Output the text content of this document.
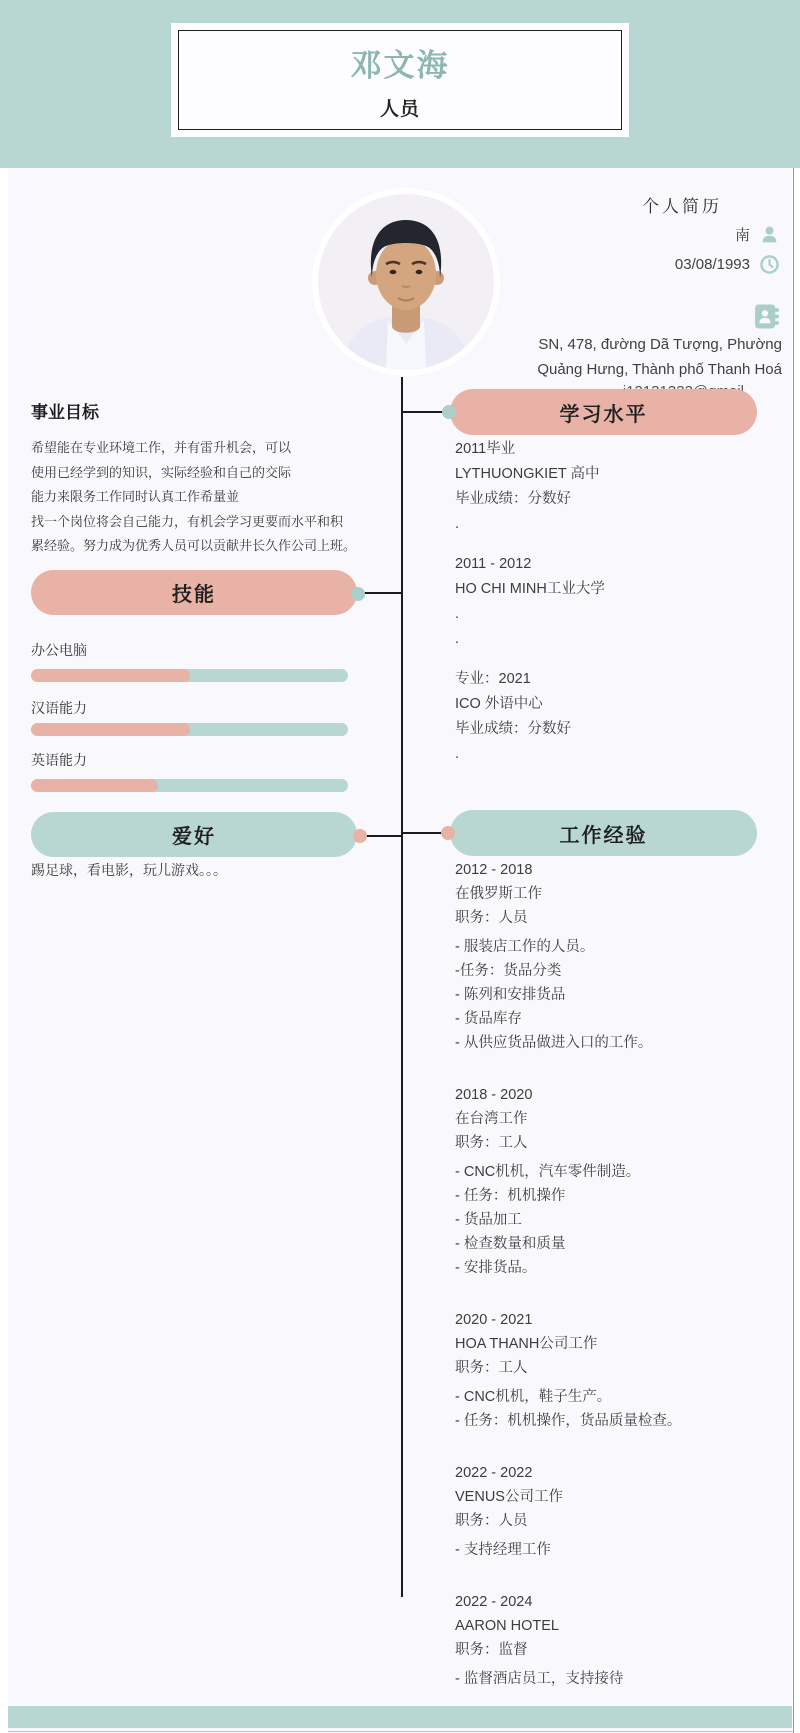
邓文海
人员
个人简历
南
03/08/1993
SN, 478, đường Dã Tượng, Phường
Quảng Hưng, Thành phố Thanh Hoá
事业目标
希望能在专业环境工作，并有雷升机会，可以
使用已经学到的知识，实际经验和自己的交际
能力来限务工作同时认真工作希量並
找一个岗位将会自己能力，有机会学习更要而水平和积
累经验。努力成为优秀人员可以贡献井长久作公司上班。
技能
办公电脑
汉语能力
英语能力
爱好
踢足球，看电影，玩儿游戏。。。
学习水平
2011毕业
LYTHUONGKIET 高中
毕业成绩：分数好
.
2011 - 2012
HO CHI MINH工业大学
.
.
专业：2021
ICO 外语中心
毕业成绩：分数好
.
工作经验
2012 - 2018
在俄罗斯工作
职务：人员
- 服装店工作的人员。
-任务：货品分类
- 陈列和安排货品
- 货品库存
- 从供应货品做进入口的工作。
2018 - 2020
在台湾工作
职务：工人
- CNC机机，汽车零件制造。
- 任务：机机操作
- 货品加工
- 检查数量和质量
- 安排货品。
2020 - 2021
HOA THANH公司工作
职务：工人
- CNC机机，鞋子生产。
- 任务：机机操作，货品质量检查。
2022 - 2022
VENUS公司工作
职务：人员
- 支持经理工作
2022 - 2024
AARON HOTEL
职务：监督
- 监督酒店员工，支持接待
